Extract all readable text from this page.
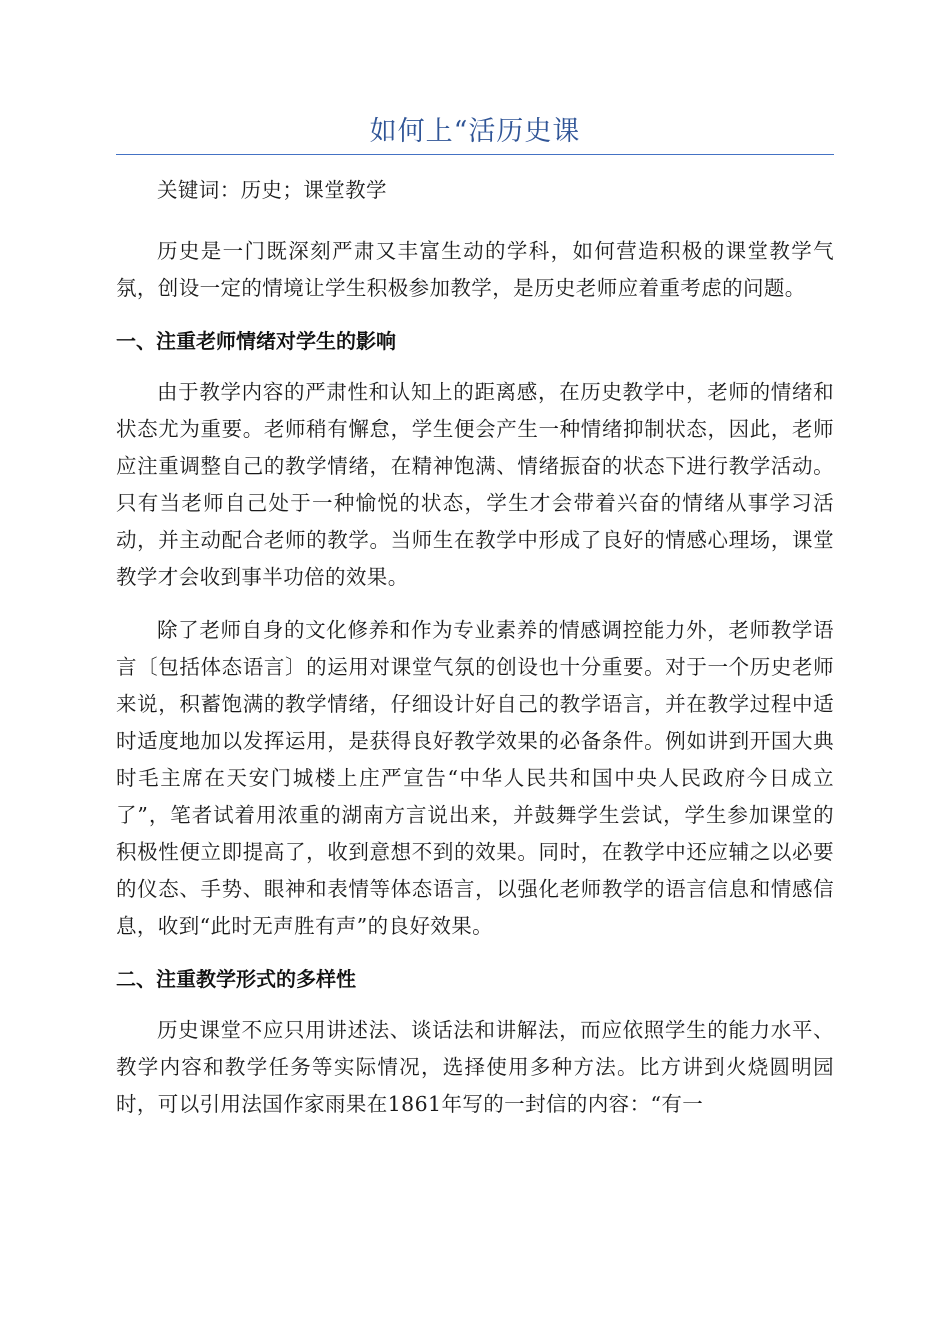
如何上“活历史课

关键词：历史；课堂教学

历史是一门既深刻严肃又丰富生动的学科，如何营造积极的课堂教学气氛，创设一定的情境让学生积极参加教学，是历史老师应着重考虑的问题。

一、注重老师情绪对学生的影响

由于教学内容的严肃性和认知上的距离感，在历史教学中，老师的情绪和状态尤为重要。老师稍有懈怠，学生便会产生一种情绪抑制状态，因此，老师应注重调整自己的教学情绪，在精神饱满、情绪振奋的状态下进行教学活动。只有当老师自己处于一种愉悦的状态，学生才会带着兴奋的情绪从事学习活动，并主动配合老师的教学。当师生在教学中形成了良好的情感心理场，课堂教学才会收到事半功倍的效果。

除了老师自身的文化修养和作为专业素养的情感调控能力外，老师教学语言〔包括体态语言〕的运用对课堂气氛的创设也十分重要。对于一个历史老师来说，积蓄饱满的教学情绪，仔细设计好自己的教学语言，并在教学过程中适时适度地加以发挥运用，是获得良好教学效果的必备条件。例如讲到开国大典时毛主席在天安门城楼上庄严宣告“中华人民共和国中央人民政府今日成立了”，笔者试着用浓重的湖南方言说出来，并鼓舞学生尝试，学生参加课堂的积极性便立即提高了，收到意想不到的效果。同时，在教学中还应辅之以必要的仪态、手势、眼神和表情等体态语言，以强化老师教学的语言信息和情感信息，收到“此时无声胜有声”的良好效果。

二、注重教学形式的多样性

历史课堂不应只用讲述法、谈话法和讲解法，而应依照学生的能力水平、教学内容和教学任务等实际情况，选择使用多种方法。比方讲到火烧圆明园时，可以引用法国作家雨果在1861年写的一封信的内容：“有一
